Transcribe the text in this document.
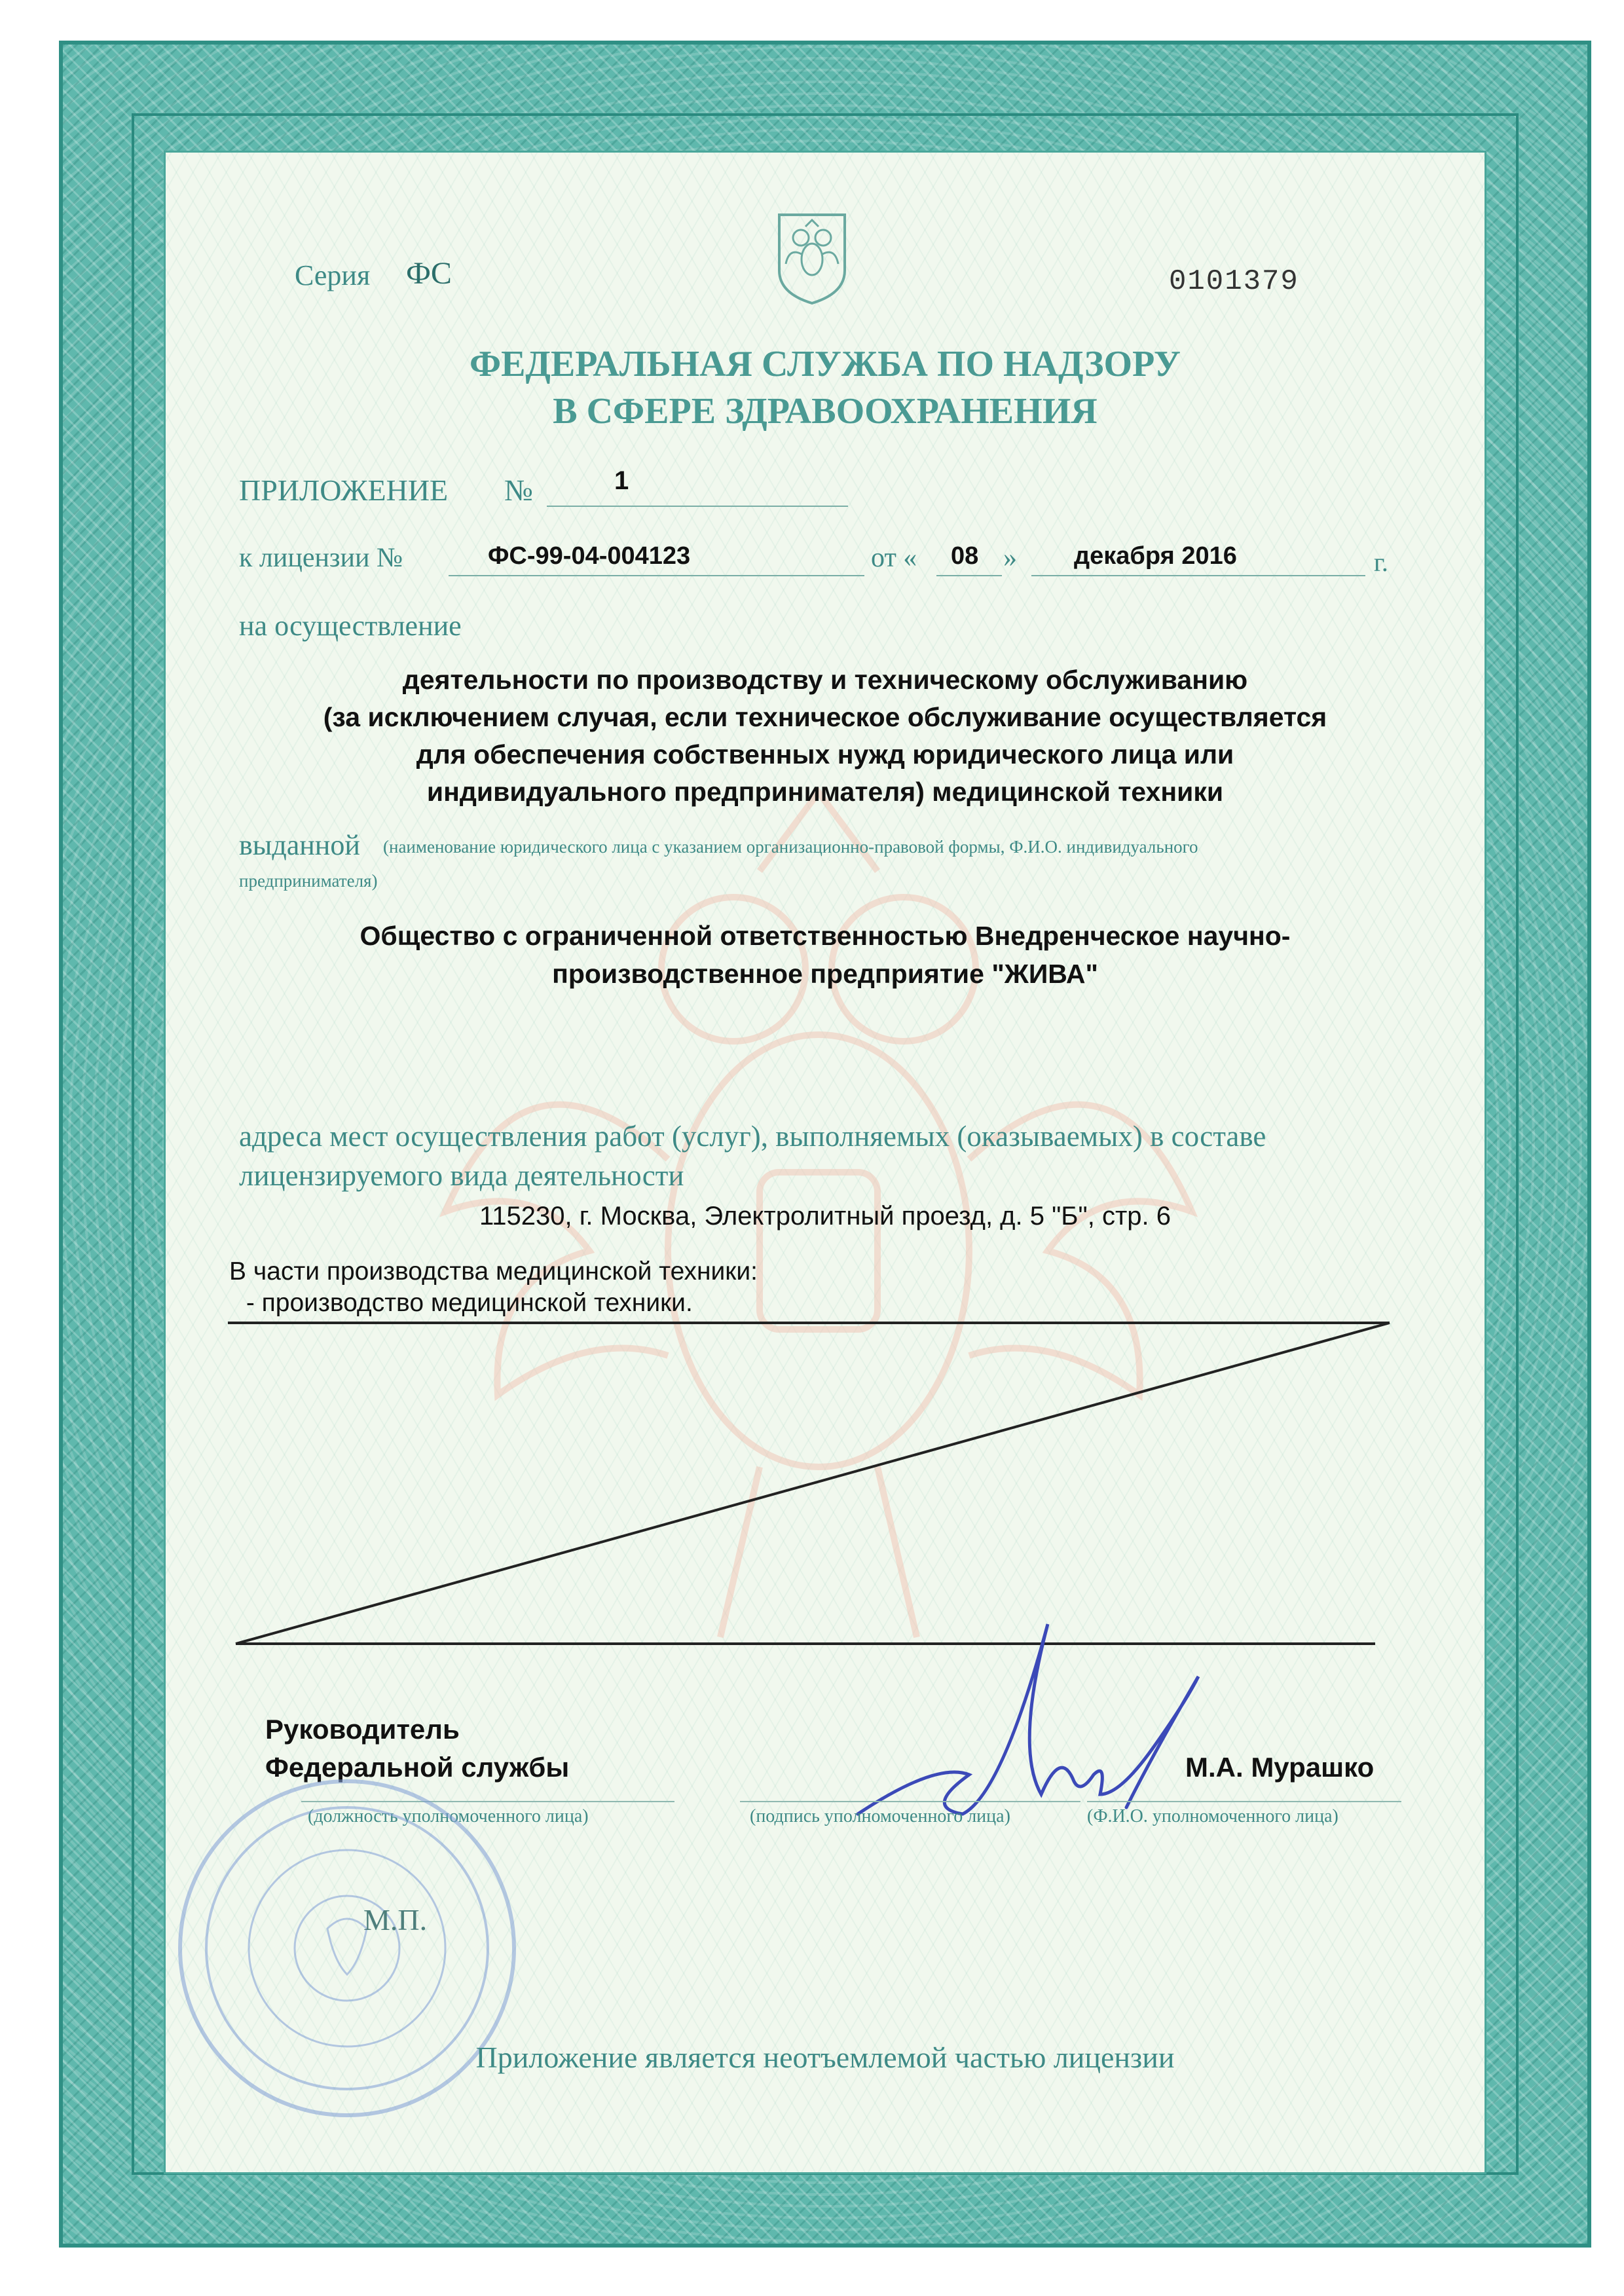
Серия ФС	0101379
ФЕДЕРАЛЬНАЯ СЛУЖБА ПО НАДЗОРУ
В СФЕРЕ ЗДРАВООХРАНЕНИЯ
ПРИЛОЖЕНИЕ №	1
к лицензии №	ФС-99-04-004123	от « 08 » декабря 2016	г.
на осуществление
деятельности по производству и техническому обслуживанию
(за исключением случая, если техническое обслуживание осуществляется
для обеспечения собственных нужд юридического лица или
индивидуального предпринимателя) медицинской техники
выданной (наименование юридического лица с указанием организационно-правовой формы, Ф.И.О. индивидуального
предпринимателя)
Общество с ограниченной ответственностью Внедренческое научно-
производственное предприятие "ЖИВА"
адреса мест осуществления работ (услуг), выполняемых (оказываемых) в составе
лицензируемого вида деятельности
115230, г. Москва, Электролитный проезд, д. 5 "Б", стр. 6
В части производства медицинской техники:
- производство медицинской техники.
Руководитель
Федеральной службы	М.А. Мурашко
(должность уполномоченного лица)	(подпись уполномоченного лица)	(Ф.И.О. уполномоченного лица)
М.П.
Приложение является неотъемлемой частью лицензии
